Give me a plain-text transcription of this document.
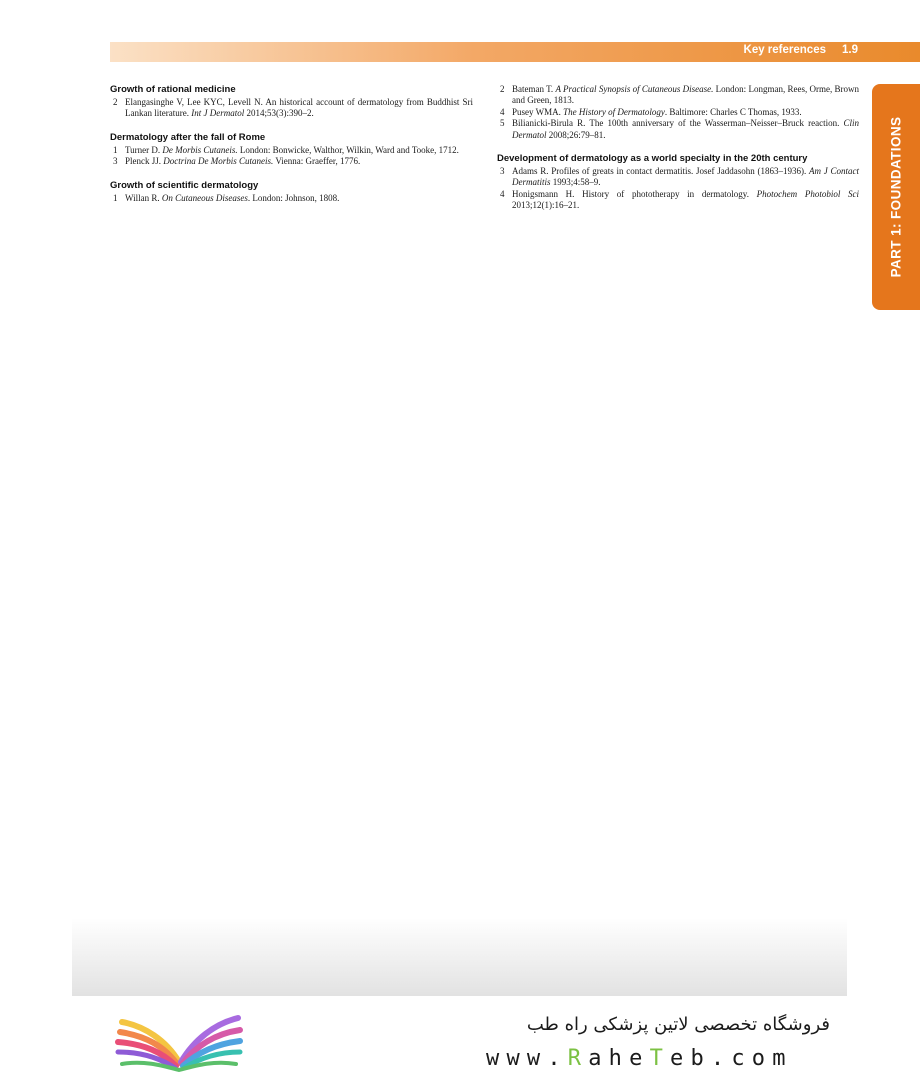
Key references 1.9
PART 1: FOUNDATIONS
Growth of rational medicine
2 Elangasinghe V, Lee KYC, Levell N. An historical account of dermatology from Buddhist Sri Lankan literature. Int J Dermatol 2014;53(3):390–2.
Dermatology after the fall of Rome
1 Turner D. De Morbis Cutaneis. London: Bonwicke, Walthor, Wilkin, Ward and Tooke, 1712.
3 Plenck JJ. Doctrina De Morbis Cutaneis. Vienna: Graeffer, 1776.
Growth of scientific dermatology
1 Willan R. On Cutaneous Diseases. London: Johnson, 1808.
2 Bateman T. A Practical Synopsis of Cutaneous Disease. London: Longman, Rees, Orme, Brown and Green, 1813.
4 Pusey WMA. The History of Dermatology. Baltimore: Charles C Thomas, 1933.
5 Bilianicki-Birula R. The 100th anniversary of the Wasserman–Neisser–Bruck reaction. Clin Dermatol 2008;26:79–81.
Development of dermatology as a world specialty in the 20th century
3 Adams R. Profiles of greats in contact dermatitis. Josef Jaddasohn (1863–1936). Am J Contact Dermatitis 1993;4:58–9.
4 Honigsmann H. History of phototherapy in dermatology. Photochem Photobiol Sci 2013;12(1):16–21.
فروشگاه تخصصی لاتین پزشکی راه طب
www.RaheTeb.com
